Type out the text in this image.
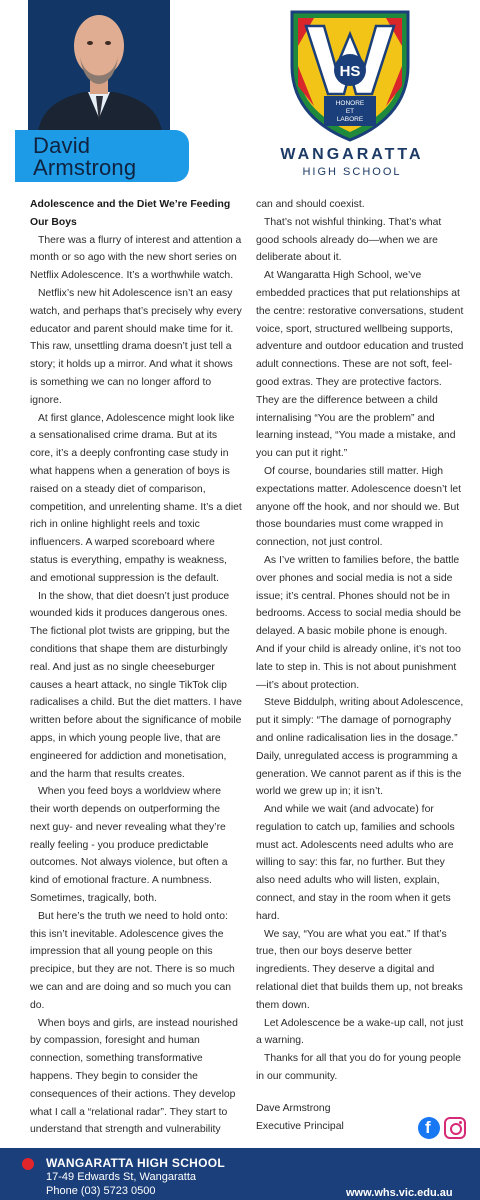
David
Armstrong
HS
HONORE
ET
LABORE
WANGARATTA
HIGH SCHOOL

Adolescence and the Diet We’re Feeding Our Boys

There was a flurry of interest and attention a month or so ago with the new short series on Netflix Adolescence. It’s a worthwhile watch.

Netflix’s new hit Adolescence isn’t an easy watch, and perhaps that’s precisely why every educator and parent should make time for it. This raw, unsettling drama doesn’t just tell a story; it holds up a mirror. And what it shows is something we can no longer afford to ignore.

At first glance, Adolescence might look like a sensationalised crime drama. But at its core, it’s a deeply confronting case study in what happens when a generation of boys is raised on a steady diet of comparison, competition, and unrelenting shame. It’s a diet rich in online highlight reels and toxic influencers. A warped scoreboard where status is everything, empathy is weakness, and emotional suppression is the default.

In the show, that diet doesn’t just produce wounded kids it produces dangerous ones. The fictional plot twists are gripping, but the conditions that shape them are disturbingly real. And just as no single cheeseburger causes a heart attack, no single TikTok clip radicalises a child. But the diet matters. I have written before about the significance of mobile apps, in which young people live, that are engineered for addiction and monetisation, and the harm that results creates.

When you feed boys a worldview where their worth depends on outperforming the next guy- and never revealing what they’re really feeling - you produce predictable outcomes. Not always violence, but often a kind of emotional fracture. A numbness. Sometimes, tragically, both.

But here’s the truth we need to hold onto: this isn’t inevitable. Adolescence gives the impression that all young people on this precipice, but they are not. There is so much we can and are doing and so much you can do.

When boys and girls, are instead nourished by compassion, foresight and human connection, something transformative happens. They begin to consider the consequences of their actions. They develop what I call a “relational radar”. They start to understand that strength and vulnerability

can and should coexist.

That’s not wishful thinking. That’s what good schools already do—when we are deliberate about it.

At Wangaratta High School, we’ve embedded practices that put relationships at the centre: restorative conversations, student voice, sport, structured wellbeing supports, adventure and outdoor education and trusted adult connections. These are not soft, feel-good extras. They are protective factors. They are the difference between a child internalising “You are the problem” and learning instead, “You made a mistake, and you can put it right.”

Of course, boundaries still matter. High expectations matter. Adolescence doesn’t let anyone off the hook, and nor should we. But those boundaries must come wrapped in connection, not just control.

As I’ve written to families before, the battle over phones and social media is not a side issue; it’s central. Phones should not be in bedrooms. Access to social media should be delayed. A basic mobile phone is enough. And if your child is already online, it’s not too late to step in. This is not about punishment—it’s about protection.

Steve Biddulph, writing about Adolescence, put it simply: “The damage of pornography and online radicalisation lies in the dosage.” Daily, unregulated access is programming a generation. We cannot parent as if this is the world we grew up in; it isn’t.

And while we wait (and advocate) for regulation to catch up, families and schools must act. Adolescents need adults who are willing to say: this far, no further. But they also need adults who will listen, explain, connect, and stay in the room when it gets hard.

We say, “You are what you eat.” If that’s true, then our boys deserve better ingredients. They deserve a digital and relational diet that builds them up, not breaks them down.

Let Adolescence be a wake-up call, not just a warning.

Thanks for all that you do for young people in our community.

Dave Armstrong
Executive Principal	f
WANGARATTA HIGH SCHOOL
17-49 Edwards St, Wangaratta
Phone (03) 5723 0500	www.whs.vic.edu.au
